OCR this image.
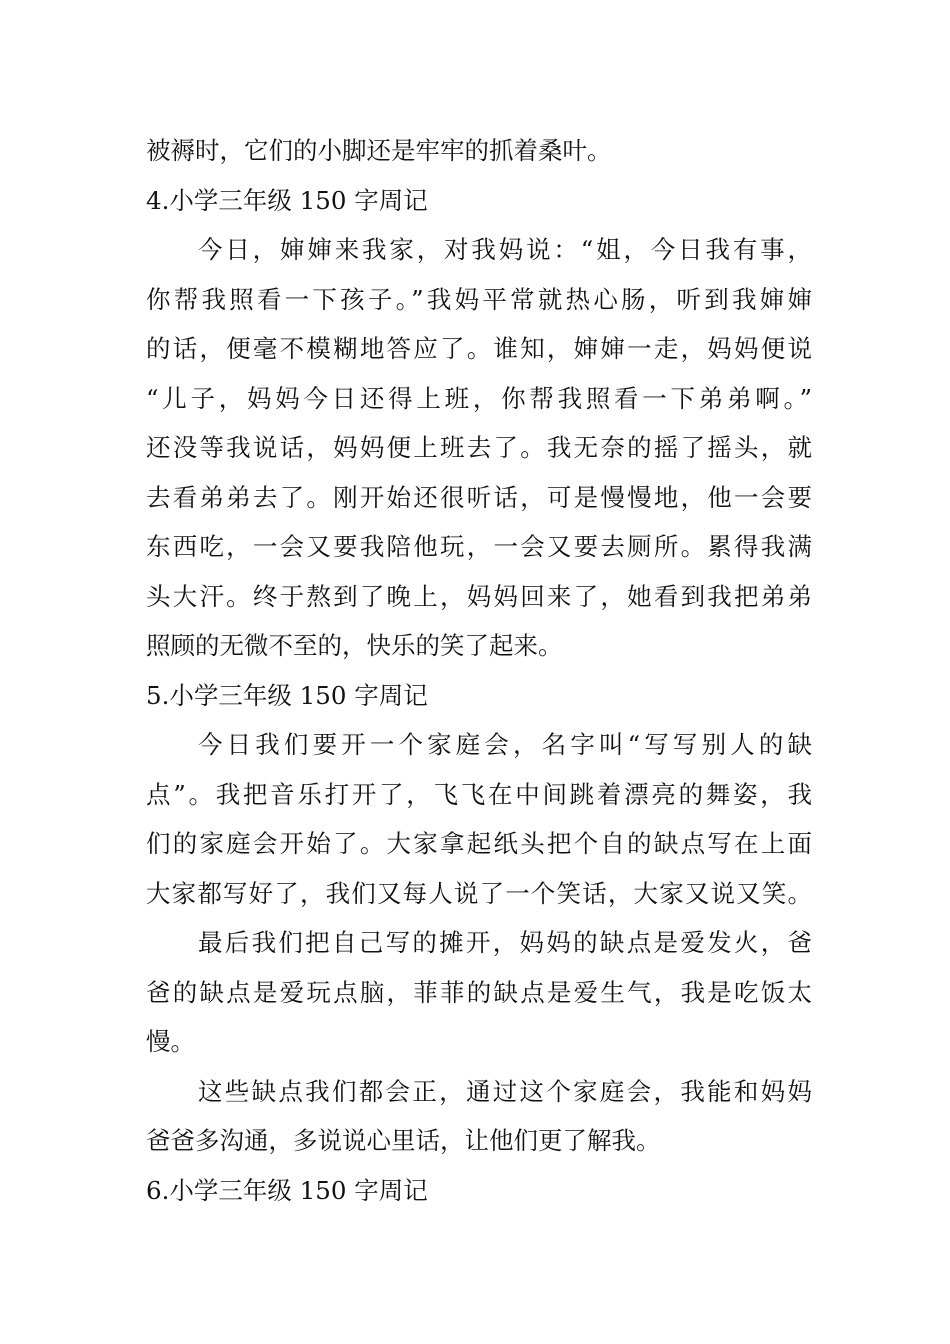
被褥时，它们的小脚还是牢牢的抓着桑叶。
4.小学三年级 150 字周记
今日，婶婶来我家，对我妈说：“姐，今日我有事，
你帮我照看一下孩子。”我妈平常就热心肠，听到我婶婶
的话，便毫不模糊地答应了。谁知，婶婶一走，妈妈便说
“儿子，妈妈今日还得上班，你帮我照看一下弟弟啊。”
还没等我说话，妈妈便上班去了。我无奈的摇了摇头，就
去看弟弟去了。刚开始还很听话，可是慢慢地，他一会要
东西吃，一会又要我陪他玩，一会又要去厕所。累得我满
头大汗。终于熬到了晚上，妈妈回来了，她看到我把弟弟
照顾的无微不至的，快乐的笑了起来。
5.小学三年级 150 字周记
今日我们要开一个家庭会，名字叫“写写别人的缺
点”。我把音乐打开了，飞飞在中间跳着漂亮的舞姿，我
们的家庭会开始了。大家拿起纸头把个自的缺点写在上面
大家都写好了，我们又每人说了一个笑话，大家又说又笑。
最后我们把自己写的摊开，妈妈的缺点是爱发火，爸
爸的缺点是爱玩点脑，菲菲的缺点是爱生气，我是吃饭太
慢。
这些缺点我们都会正，通过这个家庭会，我能和妈妈
爸爸多沟通，多说说心里话，让他们更了解我。
6.小学三年级 150 字周记
